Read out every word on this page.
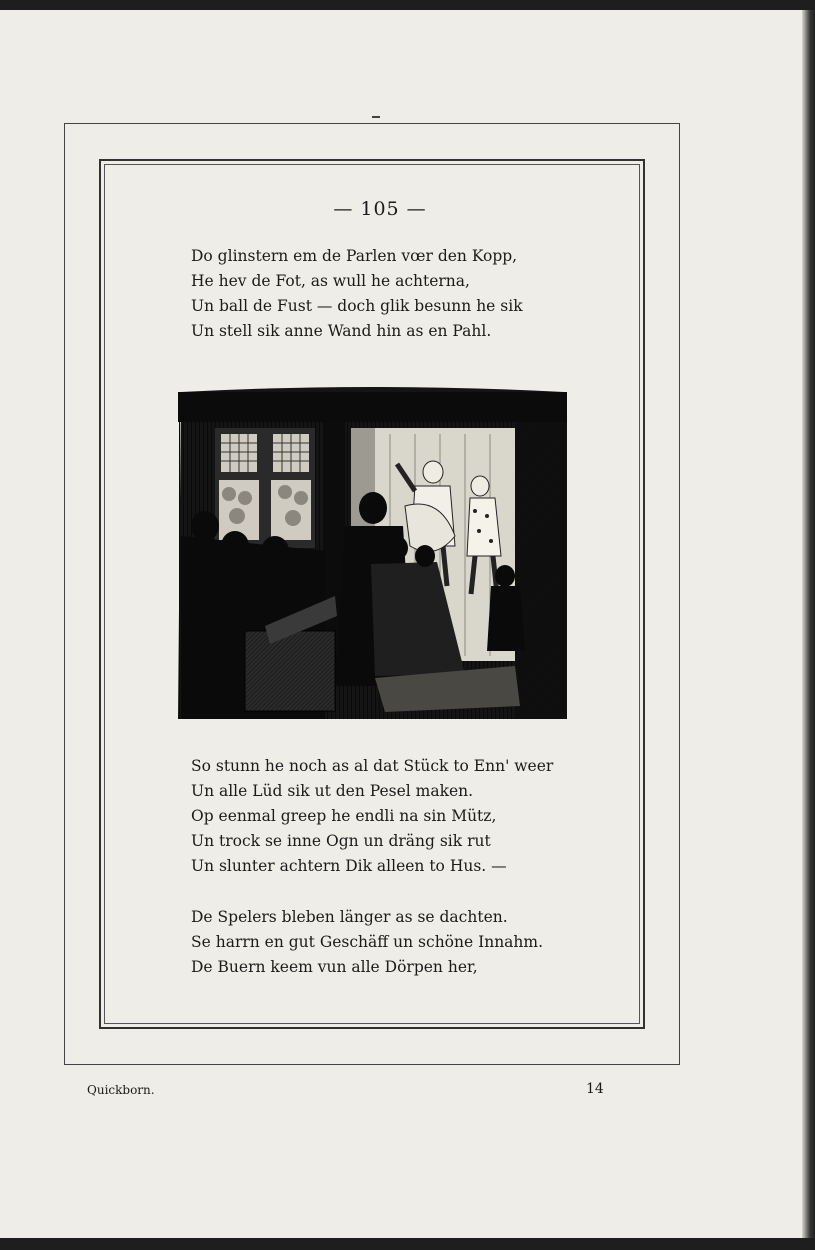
— 105 —
Do glinstern em de Parlen vœr den Kopp,
He hev de Fot, as wull he achterna,
Un ball de Fust — doch glik besunn he sik
Un stell sik anne Wand hin as en Pahl.
So stunn he noch as al dat Stück to Enn' weer
Un alle Lüd sik ut den Pesel maken.
Op eenmal greep he endli na sin Mütz,
Un trock se inne Ogn un dräng sik rut
Un slunter achtern Dik alleen to Hus. —
De Spelers bleben länger as se dachten.
Se harrn en gut Geschäff un schöne Innahm.
De Buern keem vun alle Dörpen her,
Quickborn.	14
